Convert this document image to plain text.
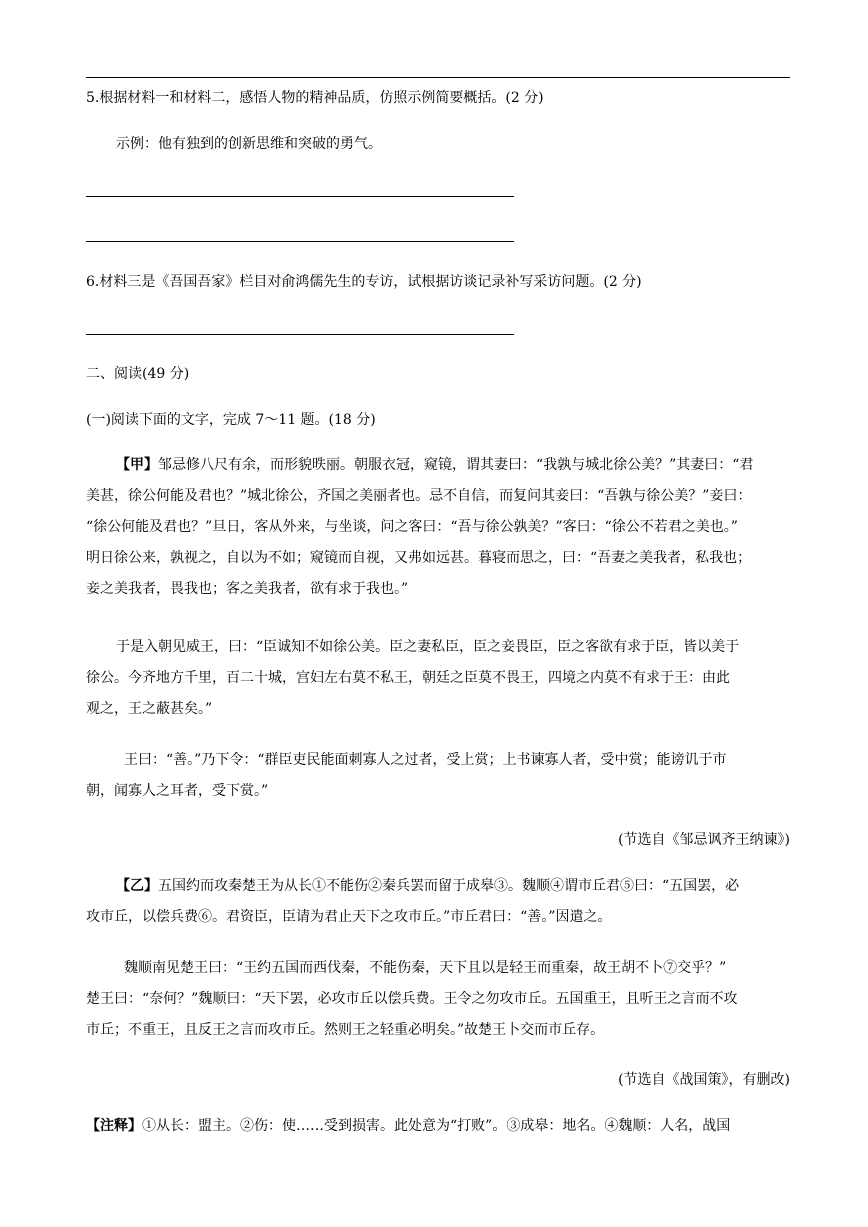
5.根据材料一和材料二，感悟人物的精神品质，仿照示例简要概括。(2 分)
示例：他有独到的创新思维和突破的勇气。
6.材料三是《吾国吾家》栏目对俞鸿儒先生的专访，试根据访谈记录补写采访问题。(2 分)
二、阅读(49 分)
(一)阅读下面的文字，完成 7～11 题。(18 分)
【甲】邹忌修八尺有余，而形貌昳丽。朝服衣冠，窥镜，谓其妻曰：“我孰与城北徐公美？”其妻曰：“君
美甚，徐公何能及君也？”城北徐公，齐国之美丽者也。忌不自信，而复问其妾曰：“吾孰与徐公美？”妾曰：
“徐公何能及君也？”旦日，客从外来，与坐谈，问之客曰：“吾与徐公孰美？”客曰：“徐公不若君之美也。”
明日徐公来，孰视之，自以为不如；窥镜而自视，又弗如远甚。暮寝而思之，曰：“吾妻之美我者，私我也；
妾之美我者，畏我也；客之美我者，欲有求于我也。”
于是入朝见威王，曰：“臣诚知不如徐公美。臣之妻私臣，臣之妾畏臣，臣之客欲有求于臣，皆以美于
徐公。今齐地方千里，百二十城，宫妇左右莫不私王，朝廷之臣莫不畏王，四境之内莫不有求于王：由此
观之，王之蔽甚矣。”
王曰：“善。”乃下令：“群臣吏民能面刺寡人之过者，受上赏；上书谏寡人者，受中赏；能谤讥于市
朝，闻寡人之耳者，受下赏。”
(节选自《邹忌讽齐王纳谏》)
【乙】五国约而攻秦楚王为从长①不能伤②秦兵罢而留于成皋③。魏顺④谓市丘君⑤曰：“五国罢，必
攻市丘，以偿兵费⑥。君资臣，臣请为君止天下之攻市丘。”市丘君曰：“善。”因遣之。
魏顺南见楚王曰：“王约五国而西伐秦，不能伤秦，天下且以是轻王而重秦，故王胡不卜⑦交乎？”
楚王曰：“奈何？”魏顺曰：“天下罢，必攻市丘以偿兵费。王令之勿攻市丘。五国重王，且听王之言而不攻
市丘；不重王，且反王之言而攻市丘。然则王之轻重必明矣。”故楚王卜交而市丘存。
(节选自《战国策》，有删改)
【注释】①从长：盟主。②伤：使……受到损害。此处意为“打败”。③成皋：地名。④魏顺：人名，战国
